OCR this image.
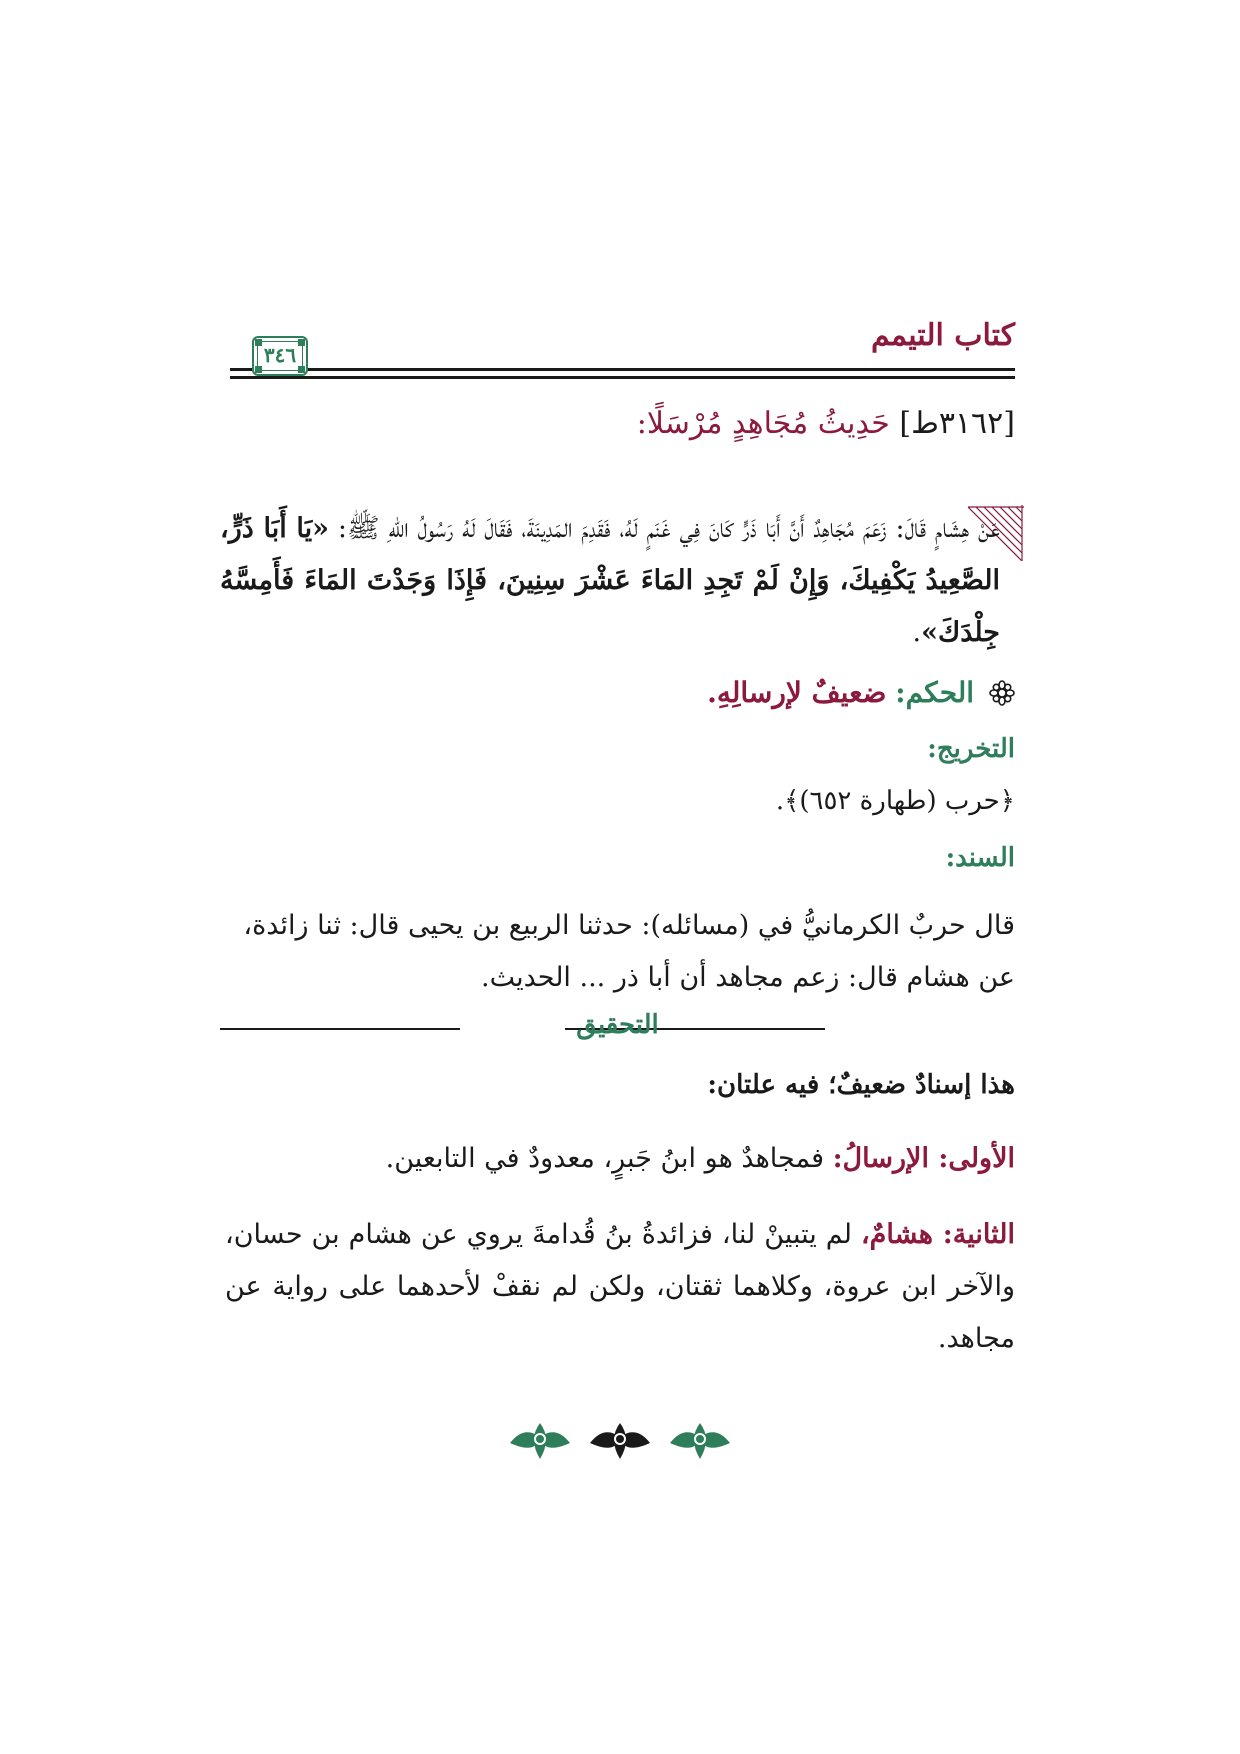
كتاب التيمم
٣٤٦
[٣١٦٢ط] حَدِيثُ مُجَاهِدٍ مُرْسَلًا:
عَنْ هِشَامٍ قَالَ: زَعَمَ مُجَاهِدٌ أَنَّ أَبَا ذَرٍّ كَانَ فِي غَنَمٍ لَهُ، فَقَدِمَ المَدِينَةَ، فَقَالَ لَهُ رَسُولُ اللهِ ﷺ: «يَا أَبَا ذَرٍّ، الصَّعِيدُ يَكْفِيكَ، وَإِنْ لَمْ تَجِدِ المَاءَ عَشْرَ سِنِينَ، فَإِذَا وَجَدْتَ المَاءَ فَأَمِسَّهُ جِلْدَكَ».
الحكم: ضعيفٌ لإرسالِهِ.
التخريج:
﴿حرب (طهارة ٦٥٢)﴾.
السند:
قال حربٌ الكرمانيُّ في (مسائله): حدثنا الربيع بن يحيى قال: ثنا زائدة، عن هشام قال: زعم مجاهد أن أبا ذر ... الحديث.
التحقيق
هذا إسنادٌ ضعيفٌ؛ فيه علتان:
الأولى: الإرسالُ: فمجاهدٌ هو ابنُ جَبرٍ، معدودٌ في التابعين.
الثانية: هشامٌ، لم يتبينْ لنا، فزائدةُ بنُ قُدامةَ يروي عن هشام بن حسان، والآخر ابن عروة، وكلاهما ثقتان، ولكن لم نقفْ لأحدهما على رواية عن مجاهد.
